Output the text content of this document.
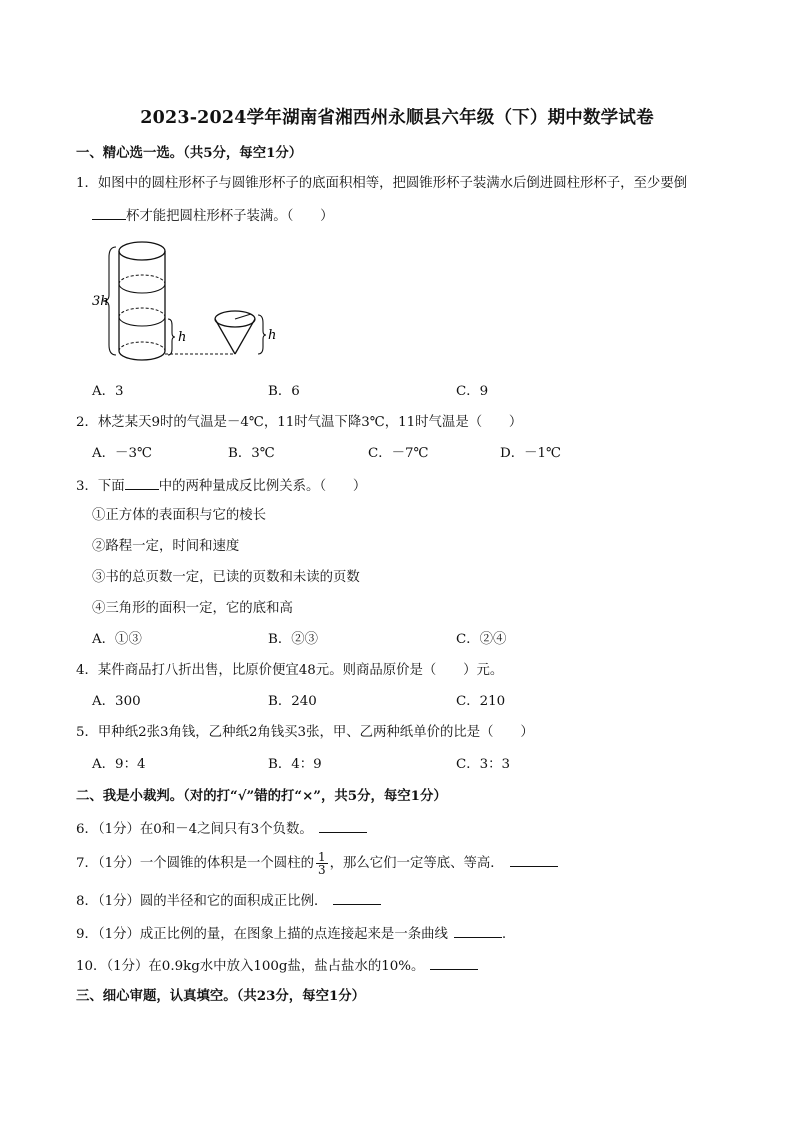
2023-2024学年湖南省湘西州永顺县六年级（下）期中数学试卷
一、精心选一选。（共5分，每空1分）
1．如图中的圆柱形杯子与圆锥形杯子的底面积相等，把圆锥形杯子装满水后倒进圆柱形杯子，至少要倒
杯才能把圆柱形杯子装满。（　　）
3h
h	h
A．3	B．6	C．9
2．林芝某天9时的气温是－4℃，11时气温下降3℃，11时气温是（　　）
A．－3℃	B．3℃	C．－7℃	D．－1℃
3．下面	中的两种量成反比例关系。（　　）
①正方体的表面积与它的棱长
②路程一定，时间和速度
③书的总页数一定，已读的页数和未读的页数
④三角形的面积一定，它的底和高
A．①③	B．②③	C．②④
4．某件商品打八折出售，比原价便宜48元。则商品原价是（　　）元。
A．300	B．240	C．210
5．甲种纸2张3角钱，乙种纸2角钱买3张，甲、乙两种纸单价的比是（　　）
A．9：4	B．4：9	C．3：3
二、我是小裁判。（对的打“√”错的打“×”，共5分，每空1分）
6．（1分）在0和－4之间只有3个负数。
7．（1分）一个圆锥的体积是一个圆柱的 $\frac{1}{3}$ ，那么它们一定等底、等高．
8．（1分）圆的半径和它的面积成正比例．
9．（1分）成正比例的量，在图象上描的点连接起来是一条曲线	.
10．（1分）在0.9kg水中放入100g盐，盐占盐水的10%。
三、细心审题，认真填空。（共23分，每空1分）
